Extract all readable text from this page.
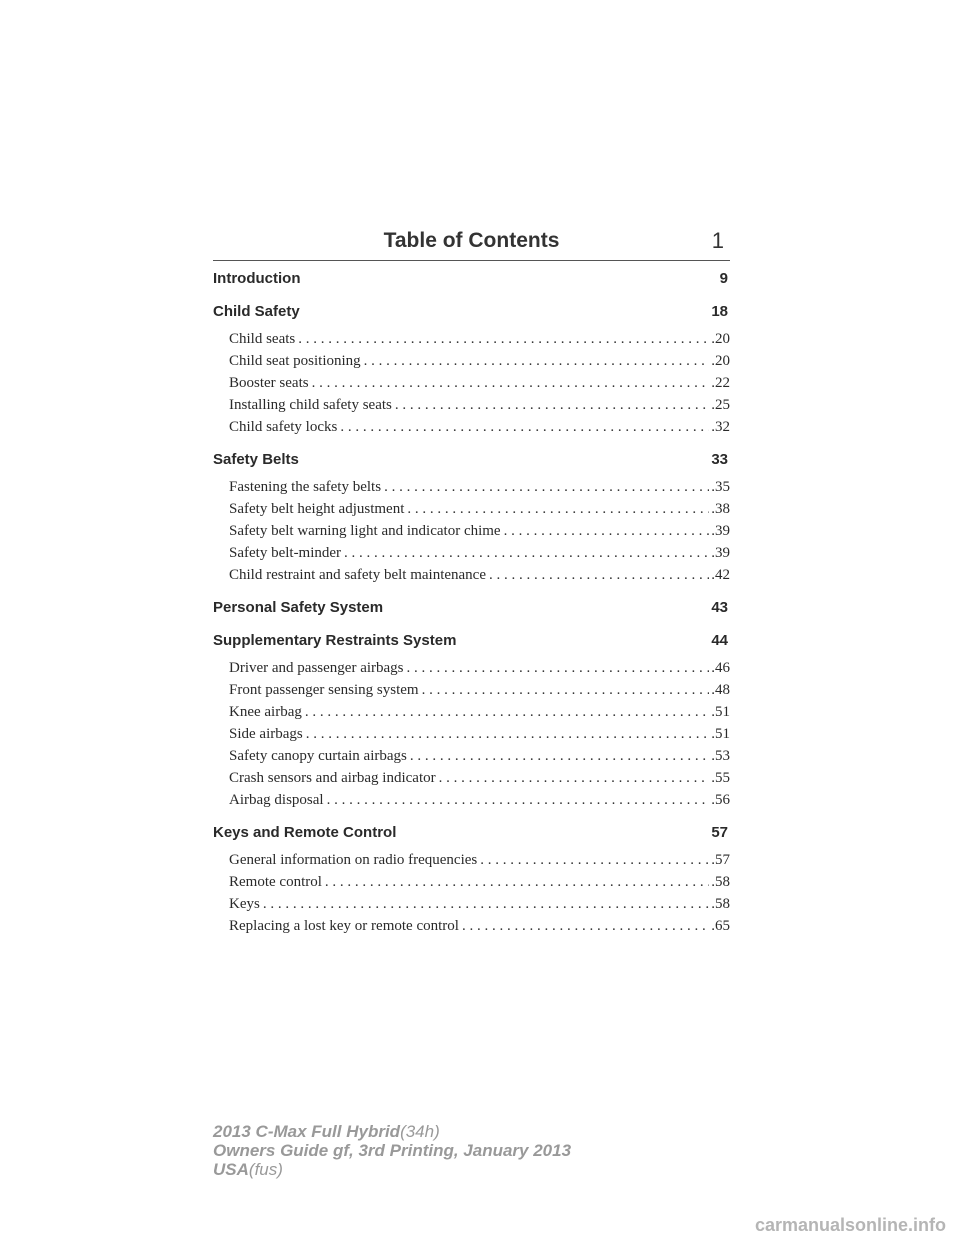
Table of Contents	1
Introduction	9
Child Safety	18
Child seats . . .	.20
Child seat positioning . . .	.20
Booster seats . . .	.22
Installing child safety seats . . .	.25
Child safety locks . . .	.32
Safety Belts	33
Fastening the safety belts . . .	.35
Safety belt height adjustment . . .	.38
Safety belt warning light and indicator chime . . .	.39
Safety belt-minder . . .	.39
Child restraint and safety belt maintenance . . .	.42
Personal Safety System	43
Supplementary Restraints System	44
Driver and passenger airbags . . .	.46
Front passenger sensing system . . .	.48
Knee airbag . . .	.51
Side airbags . . .	.51
Safety canopy curtain airbags . . .	.53
Crash sensors and airbag indicator . . .	.55
Airbag disposal . . .	.56
Keys and Remote Control	57
General information on radio frequencies . . .	.57
Remote control . . .	.58
Keys . . .	.58
Replacing a lost key or remote control . . .	.65
2013 C-Max Full Hybrid(34h)
Owners Guide gf, 3rd Printing, January 2013
USA(fus)
carmanualsonline.info
